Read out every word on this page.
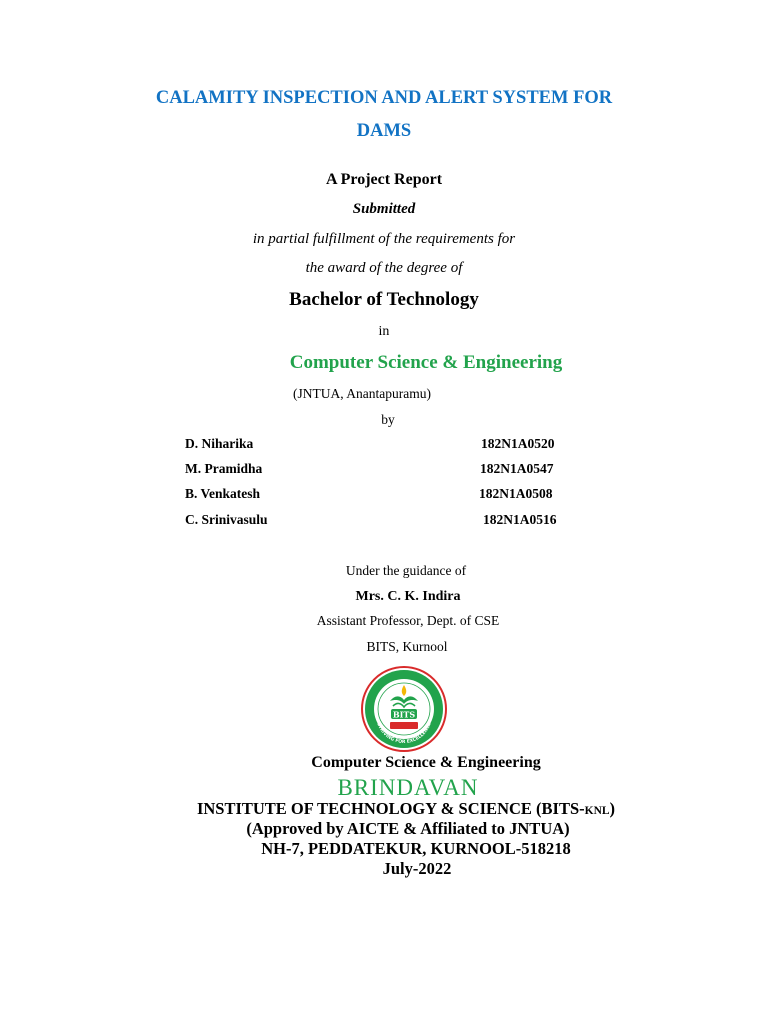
CALAMITY INSPECTION AND ALERT SYSTEM FOR
DAMS
A Project Report
Submitted
in partial fulfillment of the requirements for
the award of the degree of
Bachelor of Technology
in
Computer Science & Engineering
(JNTUA, Anantapuramu)
by
D. Niharika	182N1A0520
M. Pramidha	182N1A0547
B. Venkatesh	182N1A0508
C. Srinivasulu	182N1A0516
Under the guidance of
Mrs. C. K. Indira
Assistant Professor, Dept. of CSE
BITS, Kurnool
STRIVING FOR EXCELLENCE
BITS
Computer Science & Engineering
BRINDAVAN
INSTITUTE OF TECHNOLOGY & SCIENCE (BITS-KNL)
(Approved by AICTE & Affiliated to JNTUA)
NH-7, PEDDATEKUR, KURNOOL-518218
July-2022
